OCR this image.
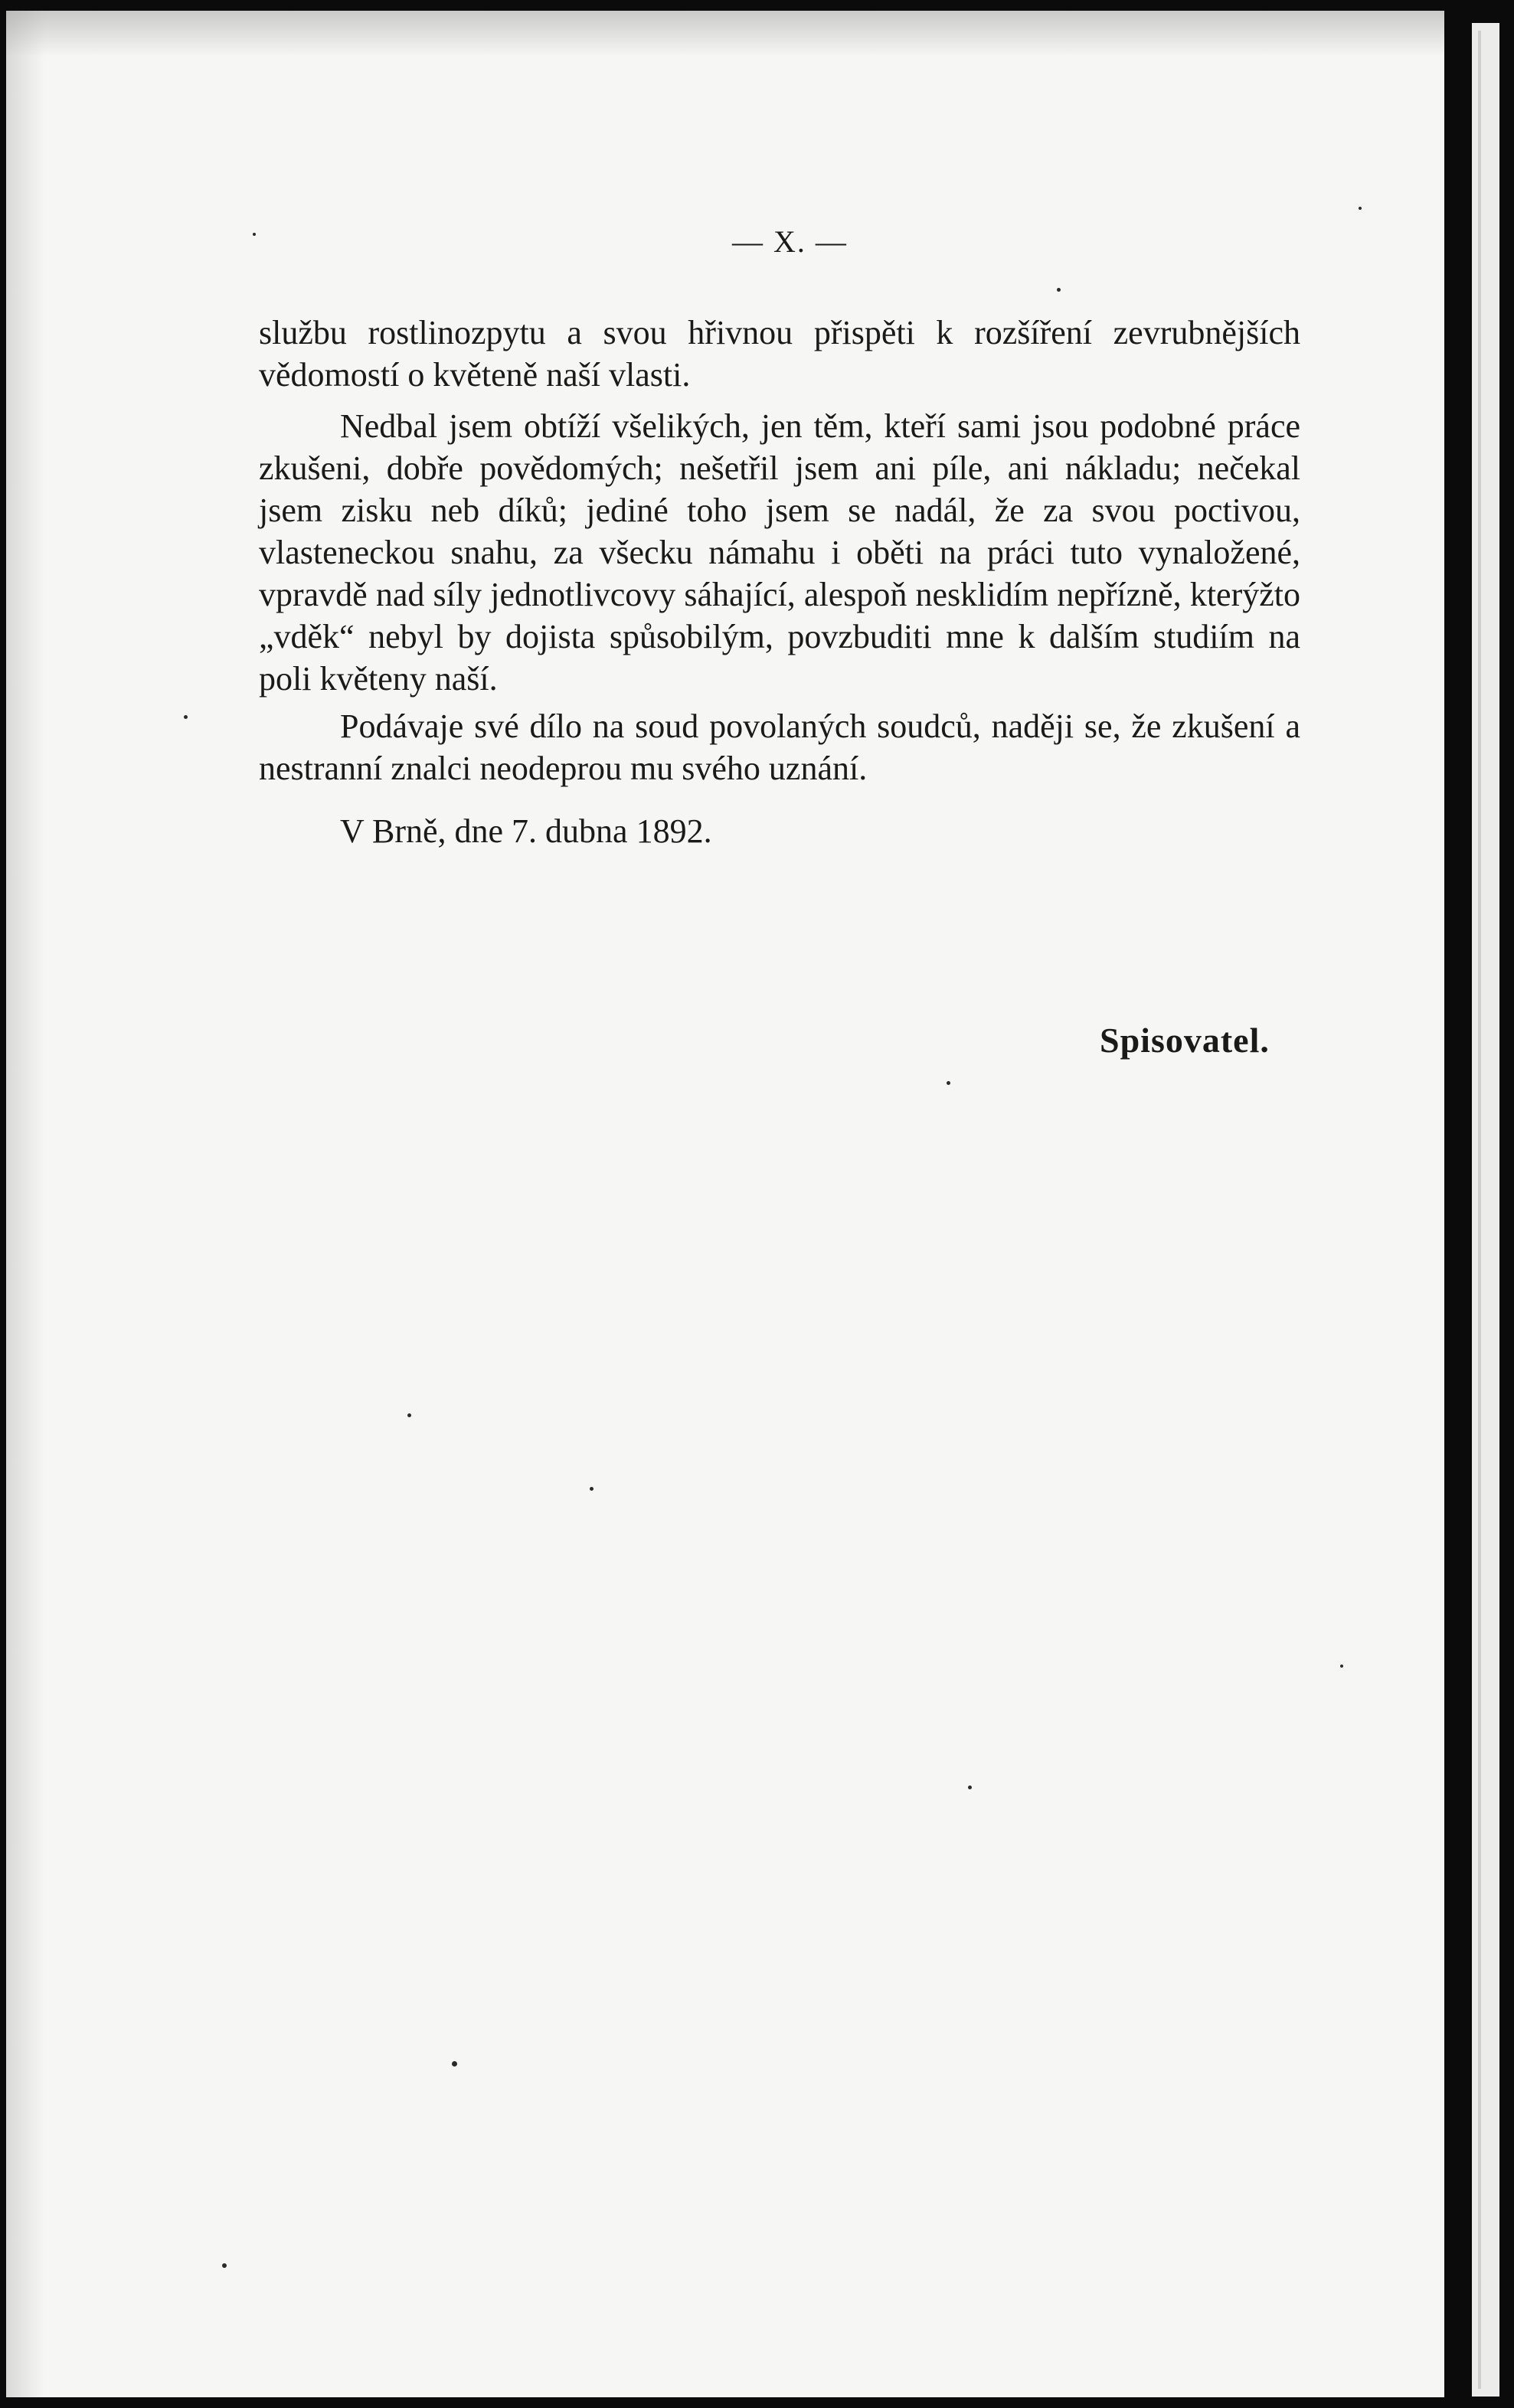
— X. —

službu rostlinozpytu a svou hřivnou přispěti k rozšíření zevrubnějších vědomostí o květeně naší vlasti.

Nedbal jsem obtíží všelikých, jen těm, kteří sami jsou podobné práce zkušeni, dobře povědomých; nešetřil jsem ani píle, ani nákladu; nečekal jsem zisku neb díků; jediné toho jsem se nadál, že za svou poctivou, vlasteneckou snahu, za všecku námahu i oběti na práci tuto vynaložené, vpravdě nad síly jednotlivcovy sáhající, alespoň nesklidím nepřízně, kterýžto „vděk“ nebyl by dojista spůsobilým, povzbuditi mne k dalším studiím na poli květeny naší.

Podávaje své dílo na soud povolaných soudců, naději se, že zkušení a nestranní znalci neodeprou mu svého uznání.

V Brně, dne 7. dubna 1892.
Spisovatel.
